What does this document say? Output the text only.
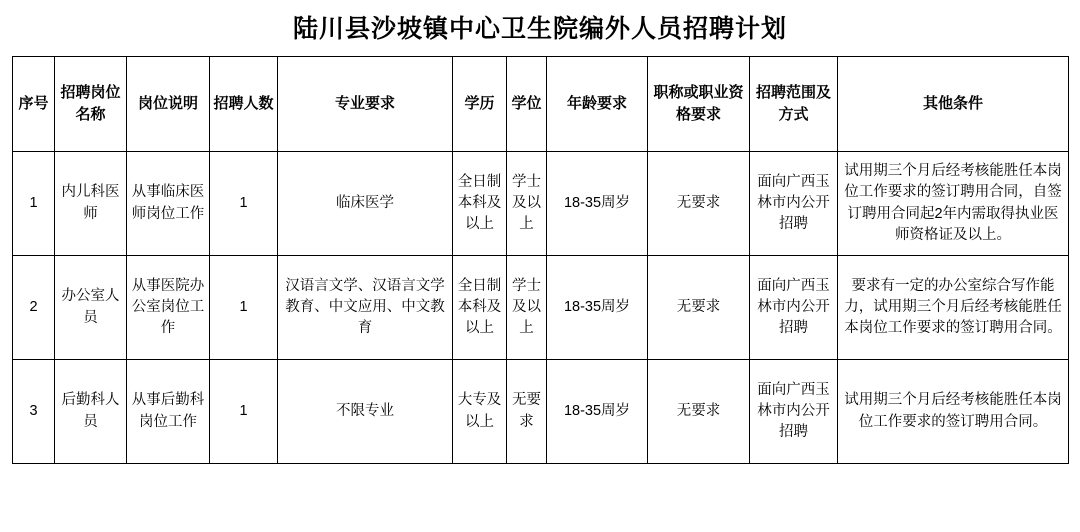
陆川县沙坡镇中心卫生院编外人员招聘计划
序号	招聘岗位名称	岗位说明	招聘人数	专业要求	学历	学位	年龄要求	职称或职业资格要求	招聘范围及方式	其他条件
1	内儿科医师	从事临床医师岗位工作	1	临床医学	全日制本科及以上	学士及以上	18-35周岁	无要求	面向广西玉林市内公开招聘	试用期三个月后经考核能胜任本岗位工作要求的签订聘用合同，自签订聘用合同起2年内需取得执业医师资格证及以上。
2	办公室人员	从事医院办公室岗位工作	1	汉语言文学、汉语言文学教育、中文应用、中文教育	全日制本科及以上	学士及以上	18-35周岁	无要求	面向广西玉林市内公开招聘	要求有一定的办公室综合写作能力，试用期三个月后经考核能胜任本岗位工作要求的签订聘用合同。
3	后勤科人员	从事后勤科岗位工作	1	不限专业	大专及以上	无要求	18-35周岁	无要求	面向广西玉林市内公开招聘	试用期三个月后经考核能胜任本岗位工作要求的签订聘用合同。
